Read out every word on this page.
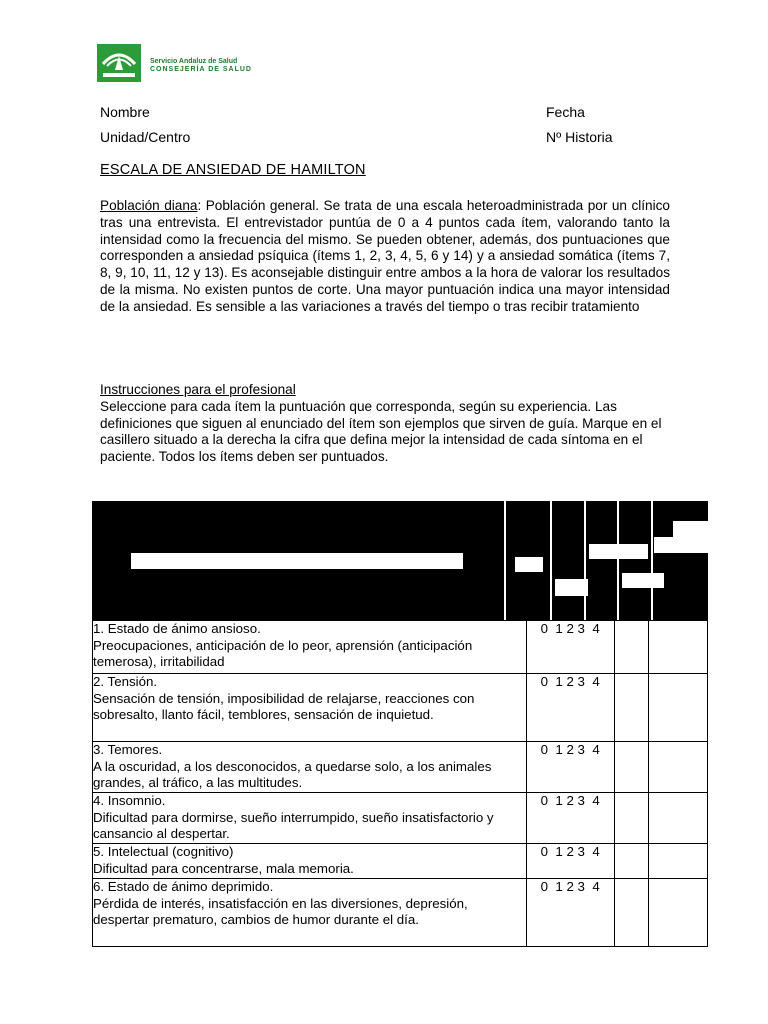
Servicio Andaluz de Salud
CONSEJERÍA DE SALUD
Nombre	Fecha
Unidad/Centro	Nº Historia
ESCALA DE ANSIEDAD DE HAMILTON
Población diana: Población general. Se trata de una escala heteroadministrada por un clínico tras una entrevista. El entrevistador puntúa de 0 a 4 puntos cada ítem, valorando tanto la intensidad como la frecuencia del mismo. Se pueden obtener, además, dos puntuaciones que corresponden a ansiedad psíquica (ítems 1, 2, 3, 4, 5, 6 y 14) y a ansiedad somática (ítems 7, 8, 9, 10, 11, 12 y 13). Es aconsejable distinguir entre ambos a la hora de valorar los resultados de la misma. No existen puntos de corte. Una mayor puntuación indica una mayor intensidad de la ansiedad. Es sensible a las variaciones a través del tiempo o tras recibir tratamiento
Instrucciones para el profesional
Seleccione para cada ítem la puntuación que corresponda, según su experiencia. Las definiciones que siguen al enunciado del ítem son ejemplos que sirven de guía. Marque en el casillero situado a la derecha la cifra que defina mejor la intensidad de cada síntoma en el paciente. Todos los ítems deben ser puntuados.
1. Estado de ánimo ansioso.
Preocupaciones, anticipación de lo peor, aprensión (anticipación temerosa), irritabilidad	0  1 2 3  4		

2. Tensión.
Sensación de tensión, imposibilidad de relajarse, reacciones con sobresalto, llanto fácil, temblores, sensación de inquietud.	0  1 2 3  4		

3. Temores.
A la oscuridad, a los desconocidos, a quedarse solo, a los animales grandes, al tráfico, a las multitudes.	0  1 2 3  4		

4. Insomnio.
Dificultad para dormirse, sueño interrumpido, sueño insatisfactorio y cansancio al despertar.	0  1 2 3  4		

5. Intelectual (cognitivo)
Dificultad para concentrarse, mala memoria.	0  1 2 3  4		

6. Estado de ánimo deprimido.
Pérdida de interés, insatisfacción en las diversiones, depresión, despertar prematuro, cambios de humor durante el día.	0  1 2 3  4		
